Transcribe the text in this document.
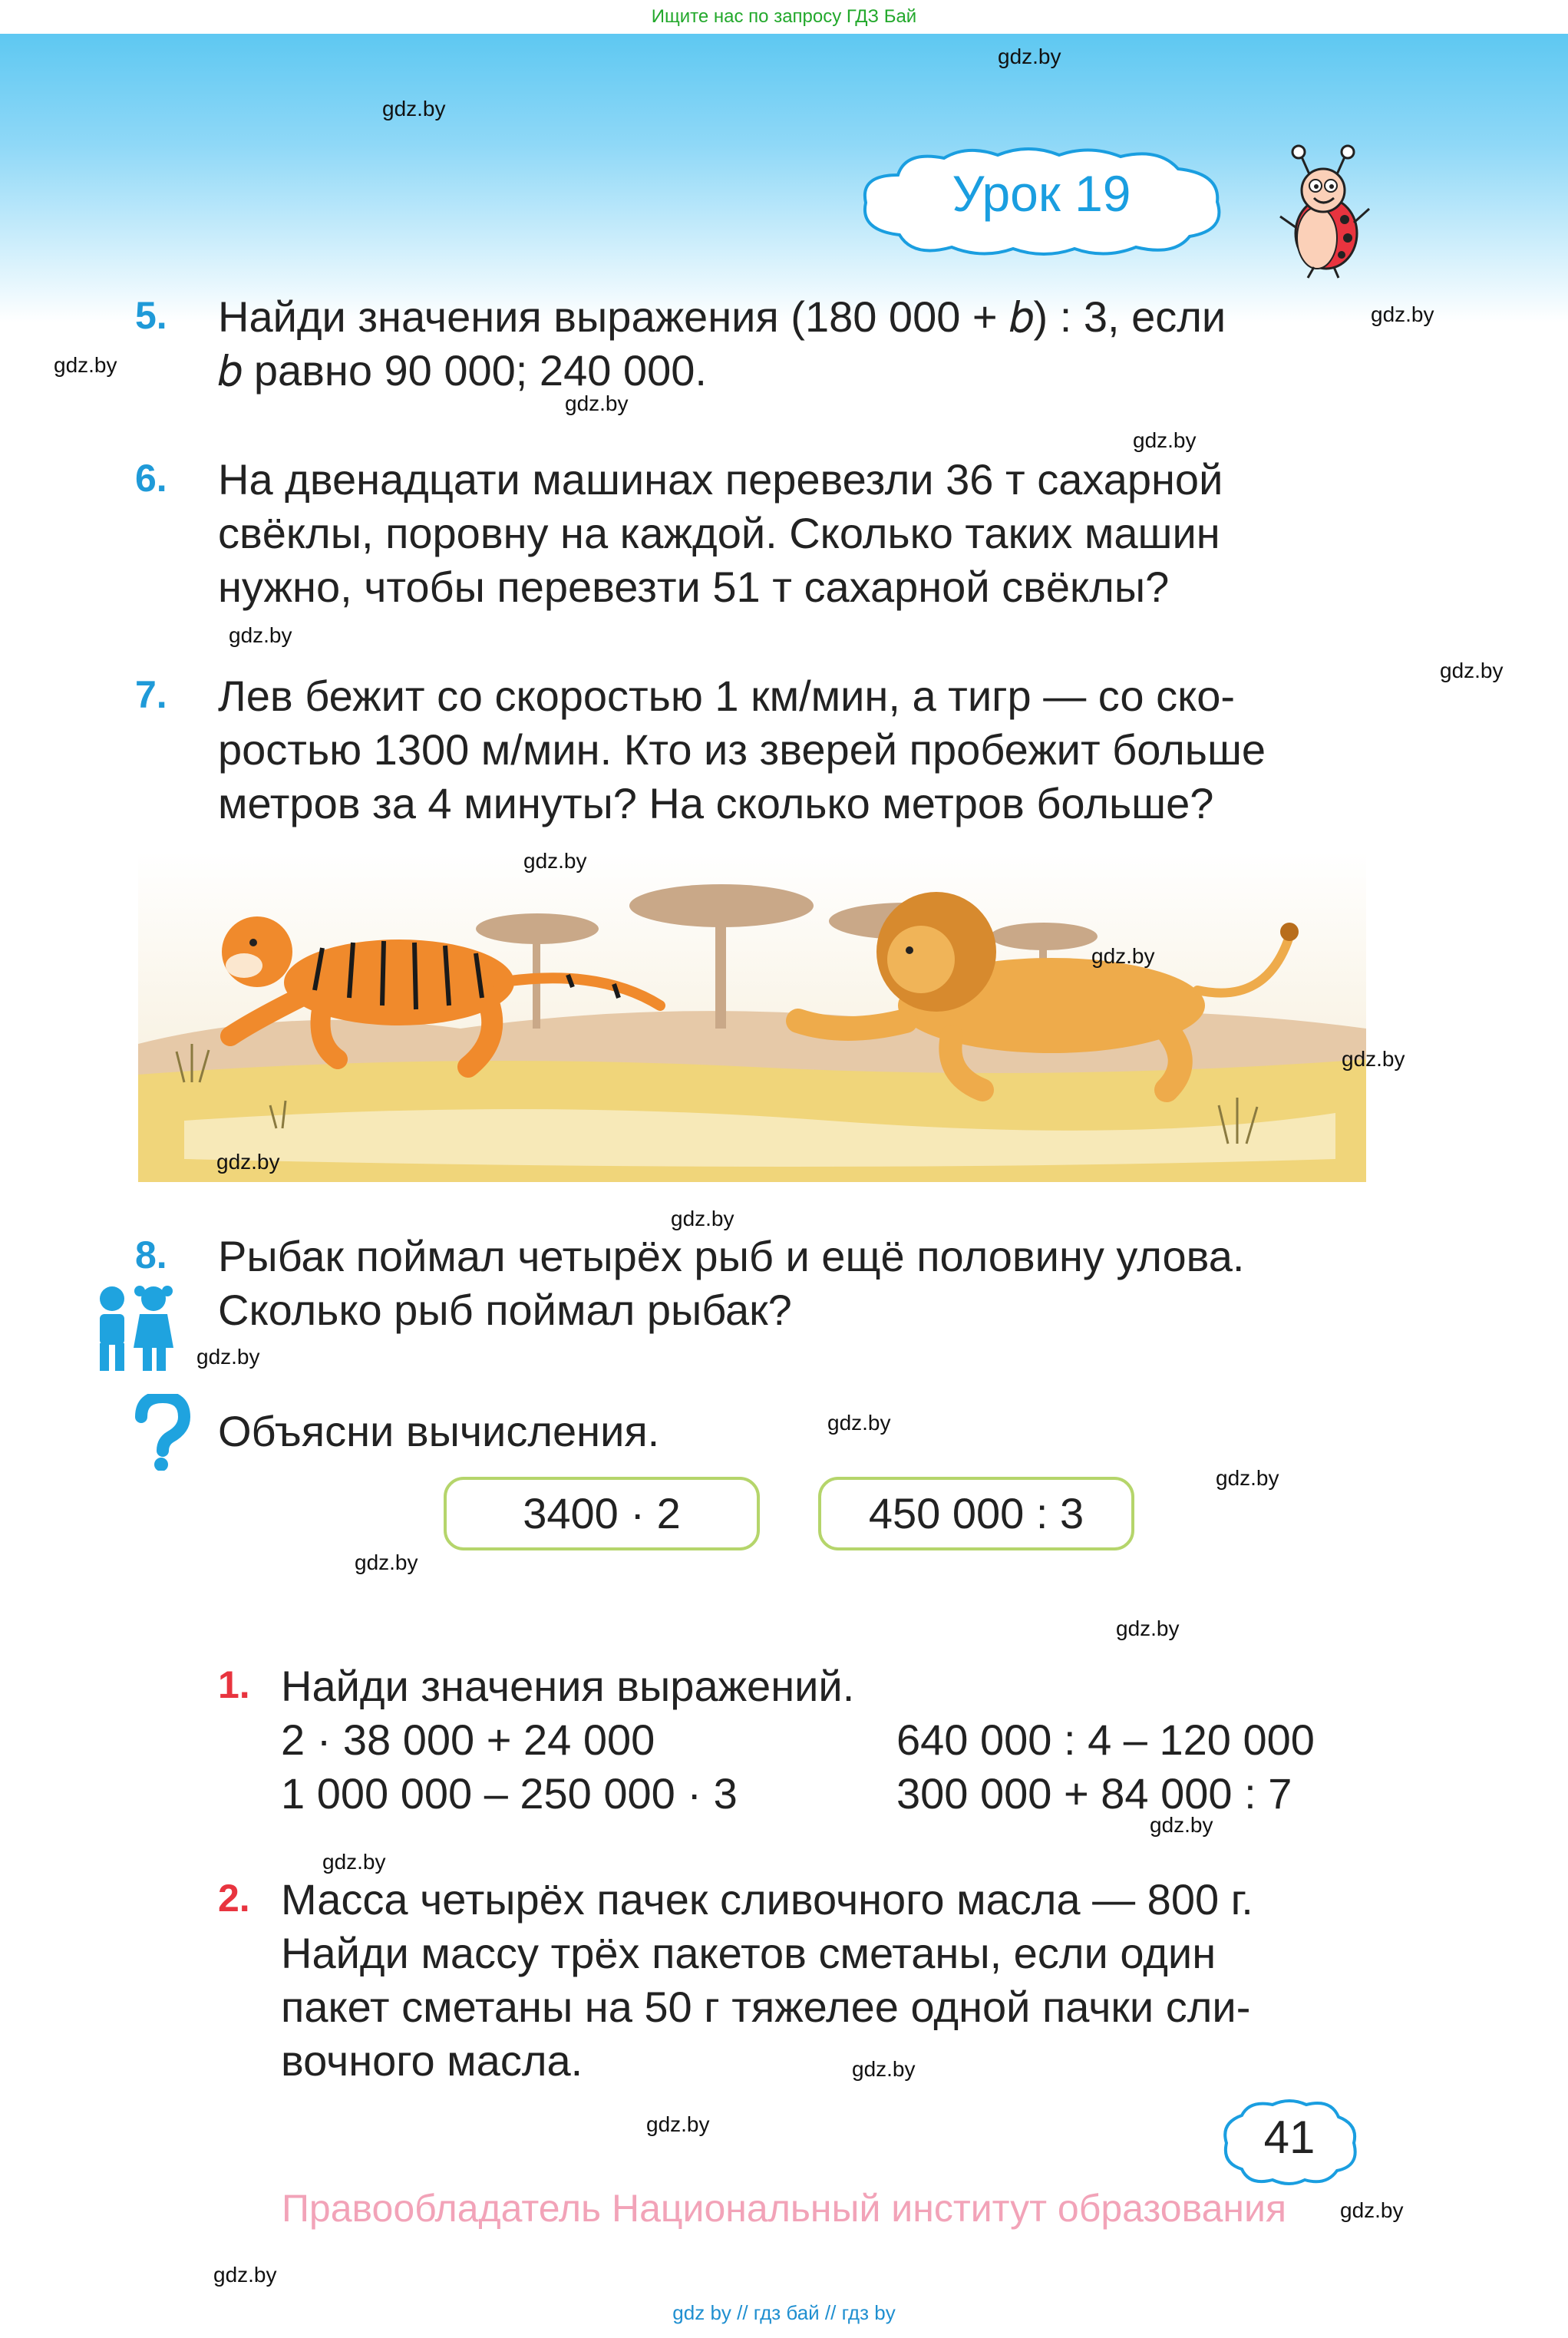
Ищите нас по запросу ГДЗ Бай
Урок 19
5. Найди значения выражения (180 000 + 𝑏) : 3, если
𝑏 равно 90 000; 240 000.
6. На двенадцати машинах перевезли 36 т сахарной
свёклы, поровну на каждой. Сколько таких машин
нужно, чтобы перевезти 51 т сахарной свёклы?
7. Лев бежит со скоростью 1 км/мин, а тигр — со ско-
ростью 1300 м/мин. Кто из зверей пробежит больше
метров за 4 минуты? На сколько метров больше?
8. Рыбак поймал четырёх рыб и ещё половину улова.
Сколько рыб поймал рыбак?
Объясни вычисления.
3400 · 2	450 000 : 3
1. Найди значения выражений.
2 · 38 000 + 24 000
1 000 000 – 250 000 · 3
640 000 : 4 – 120 000
300 000 + 84 000 : 7
2. Масса четырёх пачек сливочного масла — 800 г.
Найди массу трёх пакетов сметаны, если один
пакет сметаны на 50 г тяжелее одной пачки сли-
вочного масла.
41
Правообладатель Национальный институт образования
gdz by // гдз бай // гдз by
gdz.by
gdz.by
gdz.by
gdz.by
gdz.by
gdz.by
gdz.by
gdz.by
gdz.by
gdz.by
gdz.by
gdz.by
gdz.by
gdz.by
gdz.by
gdz.by
gdz.by
gdz.by
gdz.by
gdz.by
gdz.by
gdz.by
gdz.by
gdz.by
